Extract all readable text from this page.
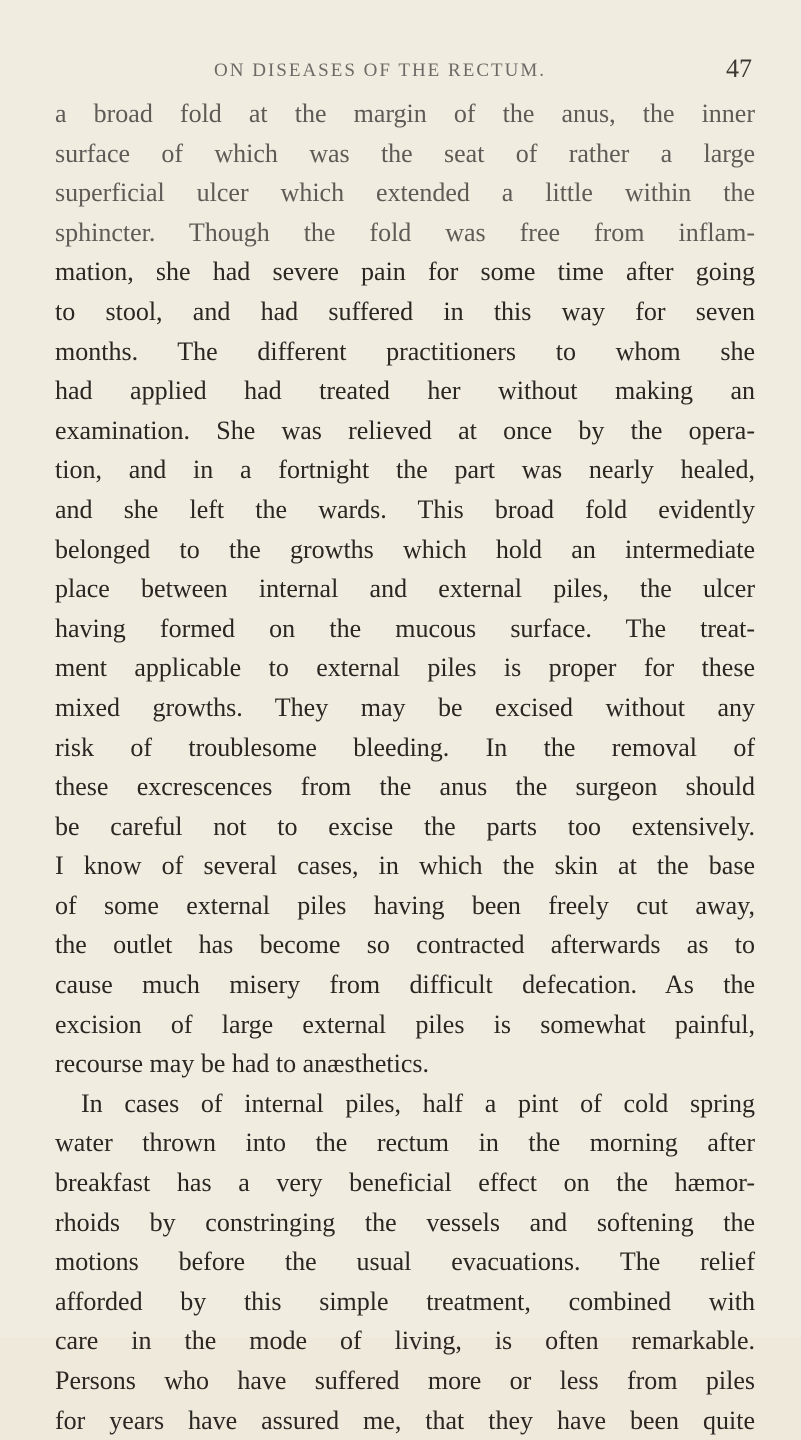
ON DISEASES OF THE RECTUM.	47
a broad fold at the margin of the anus, the inner
surface of which was the seat of rather a large
superficial ulcer which extended a little within the
sphincter. Though the fold was free from inflam-
mation, she had severe pain for some time after going
to stool, and had suffered in this way for seven
months. The different practitioners to whom she
had applied had treated her without making an
examination. She was relieved at once by the opera-
tion, and in a fortnight the part was nearly healed,
and she left the wards. This broad fold evidently
belonged to the growths which hold an intermediate
place between internal and external piles, the ulcer
having formed on the mucous surface. The treat-
ment applicable to external piles is proper for these
mixed growths. They may be excised without any
risk of troublesome bleeding. In the removal of
these excrescences from the anus the surgeon should
be careful not to excise the parts too extensively.
I know of several cases, in which the skin at the base
of some external piles having been freely cut away,
the outlet has become so contracted afterwards as to
cause much misery from difficult defecation. As the
excision of large external piles is somewhat painful,
recourse may be had to anæsthetics.
In cases of internal piles, half a pint of cold spring
water thrown into the rectum in the morning after
breakfast has a very beneficial effect on the hæmor-
rhoids by constringing the vessels and softening the
motions before the usual evacuations. The relief
afforded by this simple treatment, combined with
care in the mode of living, is often remarkable.
Persons who have suffered more or less from piles
for years have assured me, that they have been quite
